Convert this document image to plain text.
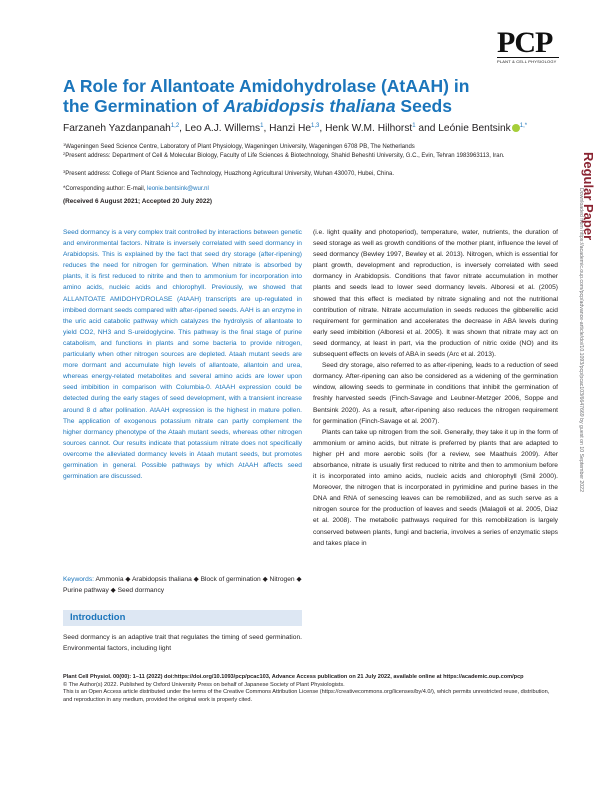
PCP
PLANT & CELL PHYSIOLOGY
A Role for Allantoate Amidohydrolase (AtAAH) in the Germination of Arabidopsis thaliana Seeds
Farzaneh Yazdanpanah$^{1,2}$, Leo A.J. Willems$^1$, Hanzi He$^{1,3}$, Henk W.M. Hilhorst$^1$ and Leónie Bentsink $^{1,*}$
$^1$Wageningen Seed Science Centre, Laboratory of Plant Physiology, Wageningen University, Wageningen 6708 PB, The Netherlands
$^2$Present address: Department of Cell & Molecular Biology, Faculty of Life Sciences & Biotechnology, Shahid Beheshti University, G.C., Evin, Tehran 1983963113, Iran.
$^3$Present address: College of Plant Science and Technology, Huazhong Agricultural University, Wuhan 430070, Hubei, China.
*Corresponding author: E-mail, leonie.bentsink@wur.nl
(Received 6 August 2021; Accepted 20 July 2022)	Regular Paper
Downloaded from https://academic.oup.com/pcp/advance-article/doi/10.1093/pcp/pcac103/6647669 by guest on 10 September 2022

Seed dormancy is a very complex trait controlled by interactions between genetic and environmental factors. Nitrate is inversely correlated with seed dormancy in Arabidopsis. This is explained by the fact that seed dry storage (after-ripening) reduces the need for nitrogen for germination. When nitrate is absorbed by plants, it is first reduced to nitrite and then to ammonium for incorporation into amino acids, nucleic acids and chlorophyll. Previously, we showed that ALLANTOATE AMIDOHYDROLASE (AtAAH) transcripts are up-regulated in imbibed dormant seeds compared with after-ripened seeds. AAH is an enzyme in the uric acid catabolic pathway which catalyzes the hydrolysis of allantoate to yield CO2, NH3 and S-ureidoglycine. This pathway is the final stage of purine catabolism, and functions in plants and some bacteria to provide nitrogen, particularly when other nitrogen sources are depleted. Ataah mutant seeds are more dormant and accumulate high levels of allantoate, allantoin and urea, whereas energy-related metabolites and several amino acids are lower upon seed imbibition in comparison with Columbia-0. AtAAH expression could be detected during the early stages of seed development, with a transient increase around 8 d after pollination. AtAAH expression is the highest in mature pollen. The application of exogenous potassium nitrate can partly complement the higher dormancy phenotype of the Ataah mutant seeds, whereas other nitrogen sources cannot. Our results indicate that potassium nitrate does not specifically overcome the alleviated dormancy levels in Ataah mutant seeds, but promotes germination in general. Possible pathways by which AtAAH affects seed germination are discussed.

Keywords: Ammonia ◆ Arabidopsis thaliana ◆ Block of germination ◆ Nitrogen ◆ Purine pathway ◆ Seed dormancy
Introduction
Seed dormancy is an adaptive trait that regulates the timing of seed germination. Environmental factors, including light

(i.e. light quality and photoperiod), temperature, water, nutrients, the duration of seed storage as well as growth conditions of the mother plant, influence the level of seed dormancy (Bewley 1997, Bewley et al. 2013). Nitrogen, which is essential for plant growth, development and reproduction, is inversely correlated with seed dormancy in Arabidopsis. Conditions that favor nitrate accumulation in mother plants and seeds lead to lower seed dormancy levels. Alboresi et al. (2005) showed that this effect is mediated by nitrate signaling and not the nutritional contribution of nitrate. Nitrate accumulation in seeds reduces the gibberellic acid requirement for germination and accelerates the decrease in ABA levels during early seed imbibition (Alboresi et al. 2005). It was shown that nitrate may act on seed dormancy, at least in part, via the production of nitric oxide (NO) and its subsequent effects on levels of ABA in seeds (Arc et al. 2013).

Seed dry storage, also referred to as after-ripening, leads to a reduction of seed dormancy. After-ripening can also be considered as a widening of the germination window, allowing seeds to germinate in conditions that inhibit the germination of freshly harvested seeds (Finch-Savage and Leubner-Metzger 2006, Soppe and Bentsink 2020). As a result, after-ripening also reduces the nitrogen requirement for germination (Finch-Savage et al. 2007).

Plants can take up nitrogen from the soil. Generally, they take it up in the form of ammonium or amino acids, but nitrate is preferred by plants that are adapted to higher pH and more aerobic soils (for a review, see Maathuis 2009). After absorbance, nitrate is usually first reduced to nitrite and then to ammonium before it is incorporated into amino acids, nucleic acids and chlorophyll (Smil 2000). Moreover, the nitrogen that is incorporated in pyrimidine and purine bases in the DNA and RNA of senescing leaves can be remobilized, and as such serve as a nitrogen source for the production of leaves and seeds (Malagoli et al. 2005, Diaz et al. 2008). The metabolic pathways required for this remobilization is largely conserved between plants, fungi and bacteria, involves a series of enzymatic steps and takes place in

Plant Cell Physiol. 00(00): 1–11 (2022) doi:https://doi.org/10.1093/pcp/pcac103, Advance Access publication on 21 July 2022, available online at https://academic.oup.com/pcp
© The Author(s) 2022. Published by Oxford University Press on behalf of Japanese Society of Plant Physiologists.
This is an Open Access article distributed under the terms of the Creative Commons Attribution License (https://creativecommons.org/licenses/by/4.0/), which permits unrestricted reuse, distribution, and reproduction in any medium, provided the original work is properly cited.
